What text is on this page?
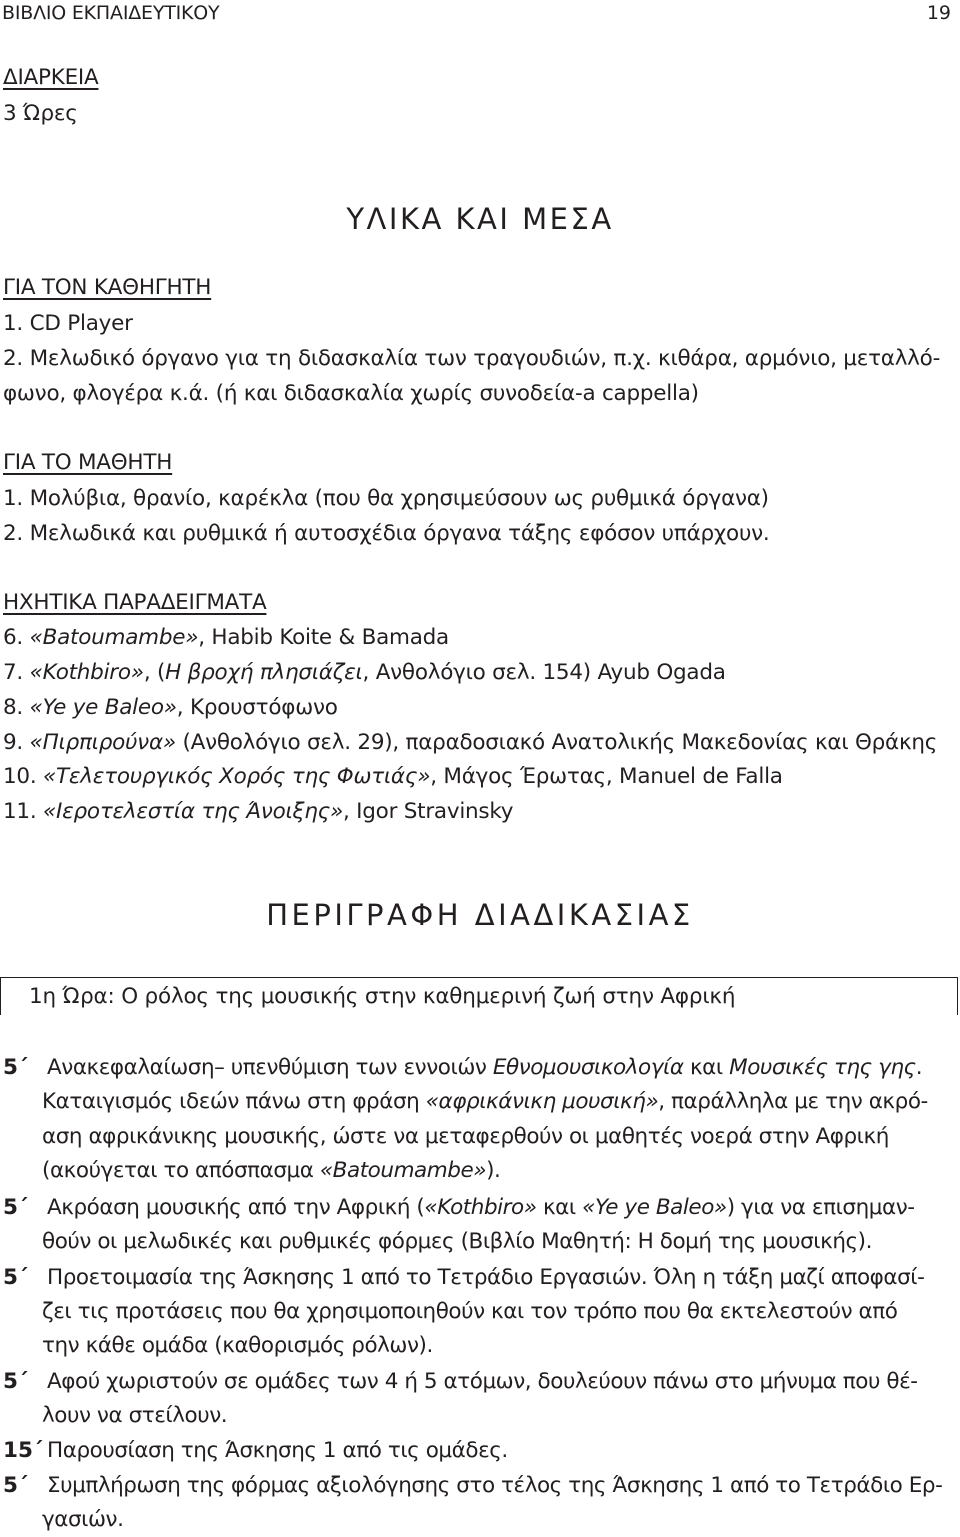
ΒΙΒΛΙΟ ΕΚΠΑΙΔΕΥΤΙΚΟΥ	19
ΔΙΑΡΚΕΙΑ
3 Ώρες
ΥΛΙΚΑ ΚΑΙ ΜΕΣΑ
ΓΙΑ ΤΟΝ ΚΑΘΗΓΗΤΗ
1. CD Player
2. Μελωδικό όργανο για τη διδασκαλία των τραγουδιών, π.χ. κιθάρα, αρμόνιο, μεταλλό-
φωνο, φλογέρα κ.ά. (ή και διδασκαλία χωρίς συνοδεία-a cappella)
ΓΙΑ ΤΟ ΜΑΘΗΤΗ
1. Μολύβια, θρανίο, καρέκλα (που θα χρησιμεύσουν ως ρυθμικά όργανα)
2. Μελωδικά και ρυθμικά ή αυτοσχέδια όργανα τάξης εφόσον υπάρχουν.
ΗΧΗΤΙΚΑ ΠΑΡΑΔΕΙΓΜΑΤΑ
6. «Batoumambe», Habib Koite & Bamada
7. «Kothbiro», (Η βροχή πλησιάζει, Ανθολόγιο σελ. 154) Ayub Ogada
8. «Ye ye Baleo», Κρουστόφωνο
9. «Πιρπιρούνα» (Ανθολόγιο σελ. 29), παραδοσιακό Ανατολικής Μακεδονίας και Θράκης
10. «Τελετουργικός Χορός της Φωτιάς», Μάγος Έρωτας, Manuel de Falla
11. «Ιεροτελεστία της Άνοιξης», Igor Stravinsky
ΠΕΡΙΓΡΑΦΗ ΔΙΑΔΙΚΑΣΙΑΣ
1η Ώρα: Ο ρόλος της μουσικής στην καθημερινή ζωή στην Αφρική
5΄ Ανακεφαλαίωση– υπενθύμιση των εννοιών Εθνομουσικολογία και Μουσικές της γης.
Καταιγισμός ιδεών πάνω στη φράση «αφρικάνικη μουσική», παράλληλα με την ακρό-
αση αφρικάνικης μουσικής, ώστε να μεταφερθούν οι μαθητές νοερά στην Αφρική
(ακούγεται το απόσπασμα «Batoumambe»).
5΄ Ακρόαση μουσικής από την Αφρική («Kothbiro» και «Ye ye Baleo») για να επισημαν-
θούν οι μελωδικές και ρυθμικές φόρμες (Βιβλίο Μαθητή: Η δομή της μουσικής).
5΄ Προετοιμασία της Άσκησης 1 από το Τετράδιο Εργασιών. Όλη η τάξη μαζί αποφασί-
ζει τις προτάσεις που θα χρησιμοποιηθούν και τον τρόπο που θα εκτελεστούν από
την κάθε ομάδα (καθορισμός ρόλων).
5΄ Αφού χωριστούν σε ομάδες των 4 ή 5 ατόμων, δουλεύουν πάνω στο μήνυμα που θέ-
λουν να στείλουν.
15΄ Παρουσίαση της Άσκησης 1 από τις ομάδες.
5΄ Συμπλήρωση της φόρμας αξιολόγησης στο τέλος της Άσκησης 1 από το Τετράδιο Ερ-
γασιών.
